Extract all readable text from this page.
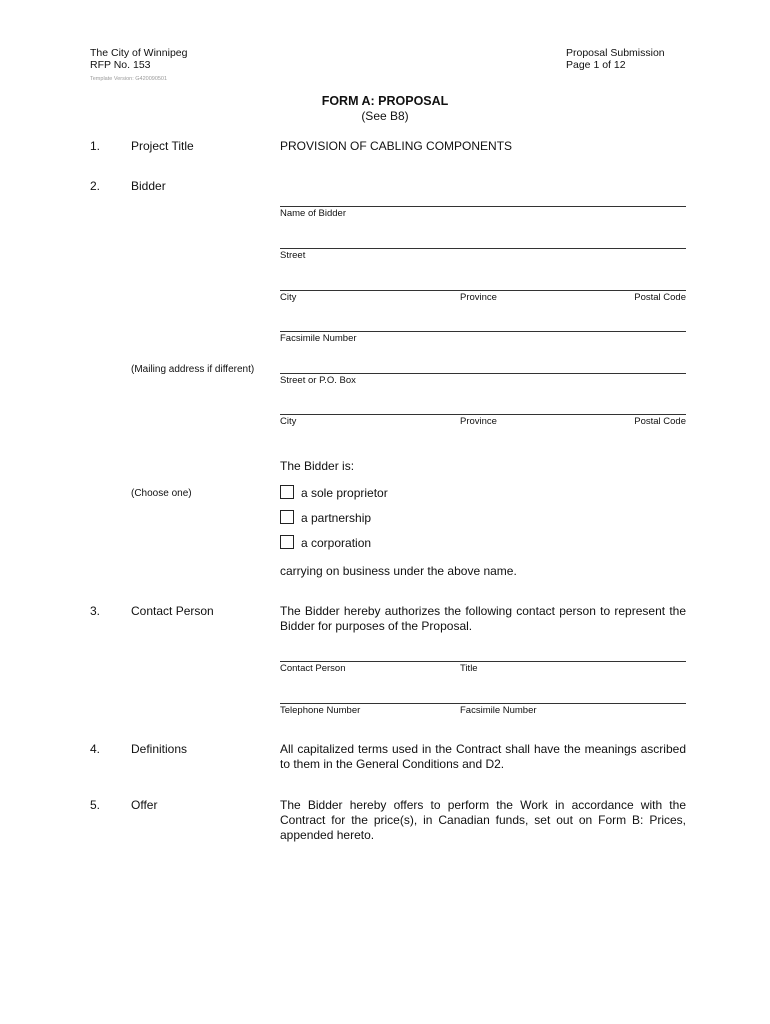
The City of Winnipeg
RFP No. 153
Template Version: G420090501
Proposal Submission
Page 1 of 12
FORM A: PROPOSAL
(See B8)
1.	Project Title	PROVISION OF CABLING COMPONENTS
2.	Bidder
Name of Bidder
Street
City	Province	Postal Code
Facsimile Number
(Mailing address if different)
Street or P.O. Box
City	Province	Postal Code
The Bidder is:
(Choose one)	a sole proprietor
a partnership
a corporation
carrying on business under the above name.
3.	Contact Person	The Bidder hereby authorizes the following contact person to represent the Bidder for purposes of the Proposal.
Contact Person	Title
Telephone Number	Facsimile Number
4.	Definitions	All capitalized terms used in the Contract shall have the meanings ascribed to them in the General Conditions and D2.
5.	Offer	The Bidder hereby offers to perform the Work in accordance with the Contract for the price(s), in Canadian funds, set out on Form B: Prices, appended hereto.
